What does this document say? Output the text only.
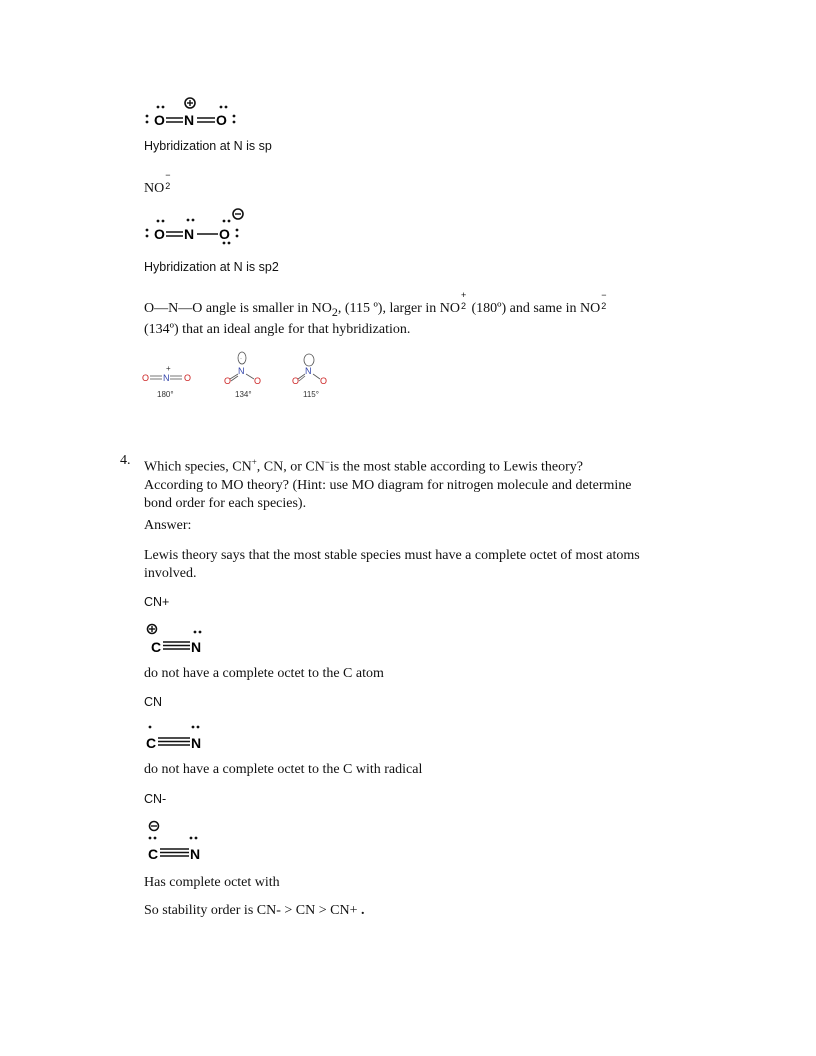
O N O
Hybridization at N is sp
NO
−
2
O N O
Hybridization at N is sp2
O—N—O angle is smaller in $NO_2$, (115 º), larger in NO
+
2 (180º) and same in NO
−
2
(134º) that an ideal angle for that hybridization.
O N
+
O
180°
·
N
O	O
134°
N
O O
115°
4. Which species, CN+, CN, or CN−is the most stable according to Lewis theory?
According to MO theory? (Hint: use MO diagram for nitrogen molecule and determine
bond order for each species).
Answer:
Lewis theory says that the most stable species must have a complete octet of most atoms
involved.
CN+
C N
do not have a complete octet to the C atom
CN
C N
do not have a complete octet to the C with radical
CN-
C N
Has complete octet with
So stability order is CN- > CN > CN+ .
